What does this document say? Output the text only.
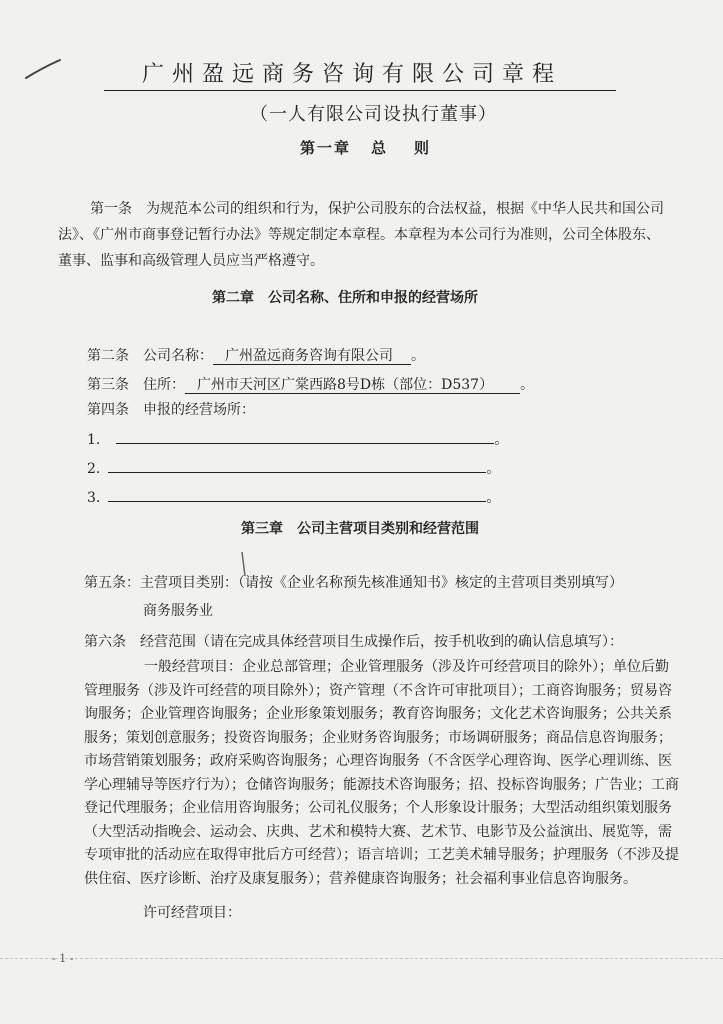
广州盈远商务咨询有限公司章程
（一人有限公司设执行董事）
第一章 总 则
第一条　为规范本公司的组织和行为，保护公司股东的合法权益，根据《中华人民共和国公司法》、《广州市商事登记暂行办法》等规定制定本章程。本章程为本公司行为准则，公司全体股东、董事、监事和高级管理人员应当严格遵守。
第二章　公司名称、住所和申报的经营场所
第二条　公司名称： 广州盈远商务咨询有限公司 。
第三条　住所： 广州市天河区广棠西路8号D栋（部位：D537） 。
第四条　申报的经营场所：
1.	。
2.	。
3.	。
第三章　公司主营项目类别和经营范围
第五条：主营项目类别：（请按《企业名称预先核准通知书》核定的主营项目类别填写）
商务服务业
第六条　经营范围（请在完成具体经营项目生成操作后，按手机收到的确认信息填写）：
一般经营项目：企业总部管理；企业管理服务（涉及许可经营项目的除外）；单位后勤管理服务（涉及许可经营的项目除外）；资产管理（不含许可审批项目）；工商咨询服务；贸易咨询服务；企业管理咨询服务；企业形象策划服务；教育咨询服务；文化艺术咨询服务；公共关系服务；策划创意服务；投资咨询服务；企业财务咨询服务；市场调研服务；商品信息咨询服务；市场营销策划服务；政府采购咨询服务；心理咨询服务（不含医学心理咨询、医学心理训练、医学心理辅导等医疗行为）；仓储咨询服务；能源技术咨询服务；招、投标咨询服务；广告业；工商登记代理服务；企业信用咨询服务；公司礼仪服务；个人形象设计服务；大型活动组织策划服务（大型活动指晚会、运动会、庆典、艺术和模特大赛、艺术节、电影节及公益演出、展览等，需专项审批的活动应在取得审批后方可经营）；语言培训；工艺美术辅导服务；护理服务（不涉及提供住宿、医疗诊断、治疗及康复服务）；营养健康咨询服务；社会福利事业信息咨询服务。
许可经营项目：
- 1 -
